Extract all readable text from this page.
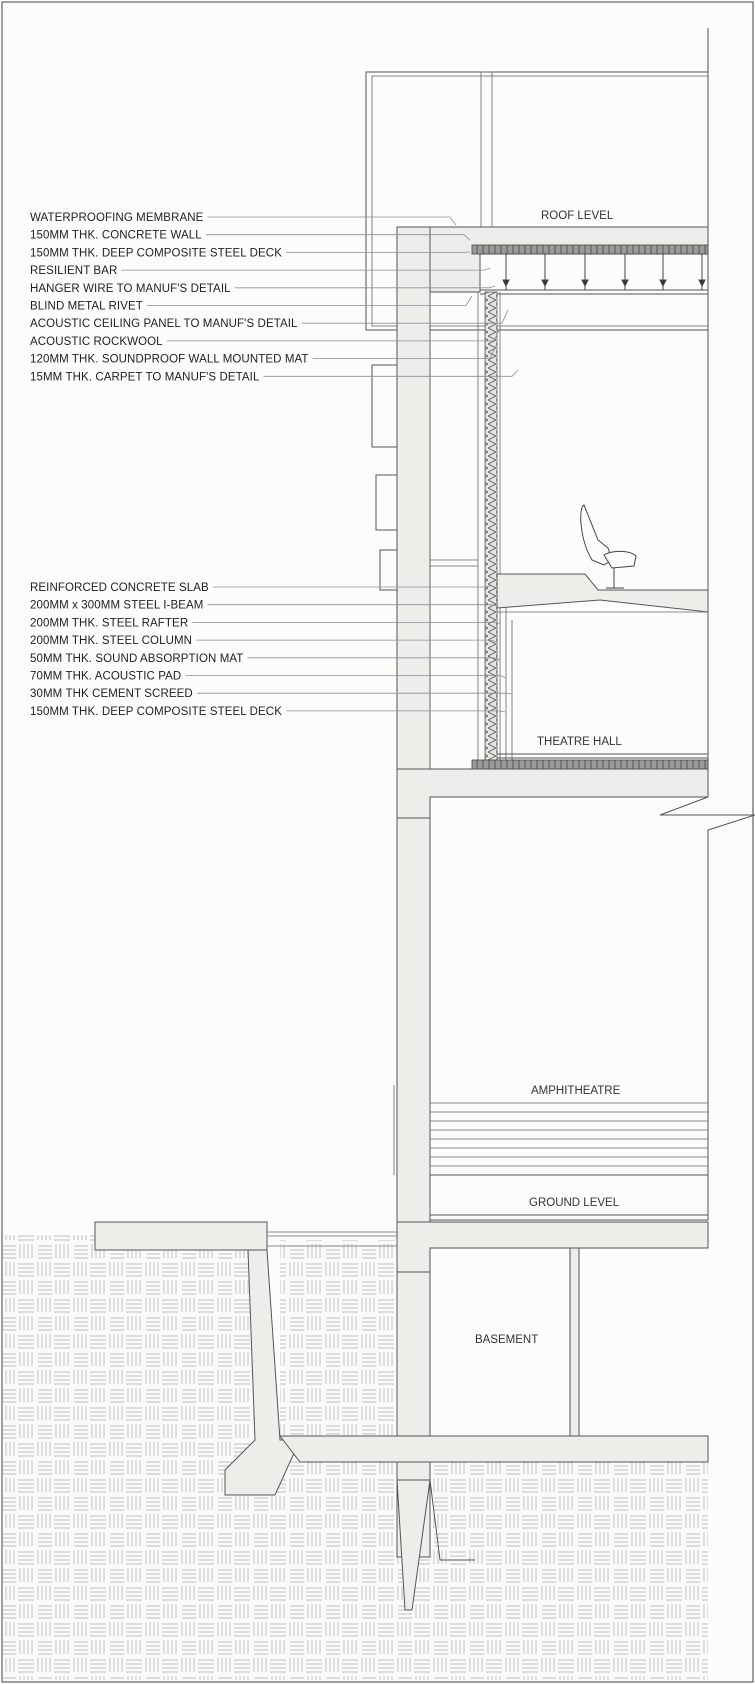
WATERPROOFING MEMBRANE
150MM THK. CONCRETE WALL
150MM THK. DEEP COMPOSITE STEEL DECK
RESILIENT BAR
HANGER WIRE TO MANUF'S DETAIL
BLIND METAL RIVET
ACOUSTIC CEILING PANEL TO MANUF'S DETAIL
ACOUSTIC ROCKWOOL
120MM THK. SOUNDPROOF WALL MOUNTED MAT
15MM THK. CARPET TO MANUF'S DETAIL
REINFORCED CONCRETE SLAB
200MM x 300MM STEEL I-BEAM
200MM THK. STEEL RAFTER
200MM THK. STEEL COLUMN
50MM THK. SOUND ABSORPTION MAT
70MM THK. ACOUSTIC PAD
30MM THK CEMENT SCREED
150MM THK. DEEP COMPOSITE STEEL DECK
ROOF LEVEL
THEATRE HALL
AMPHITHEATRE
GROUND LEVEL
BASEMENT
